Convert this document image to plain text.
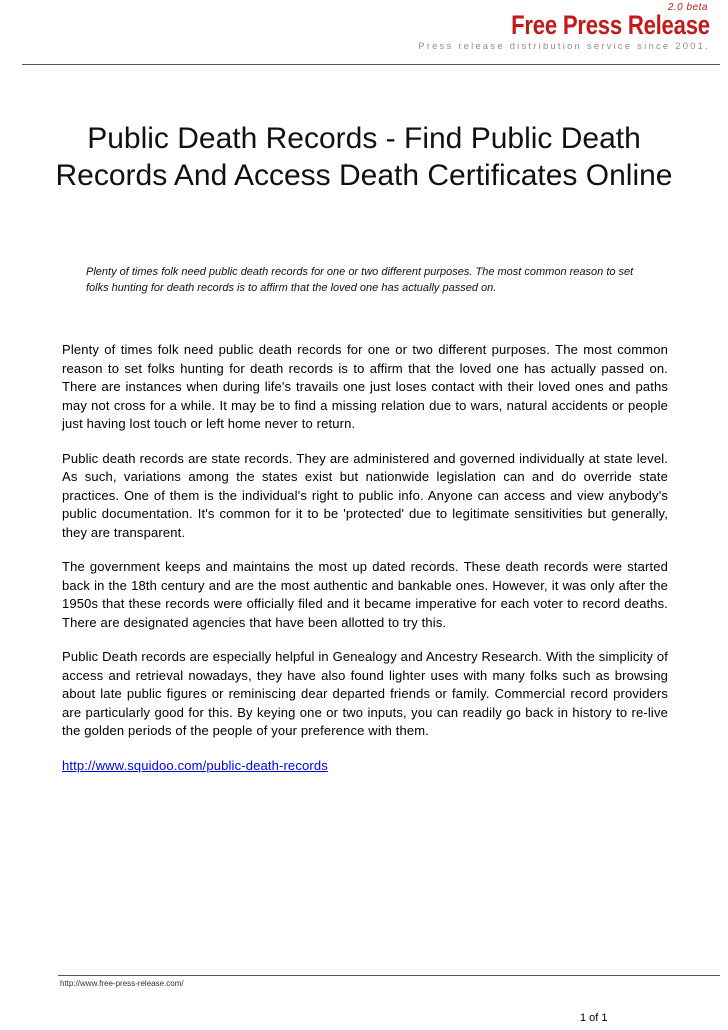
2.0 beta
Free Press Release
Press release distribution service since 2001.
Public Death Records - Find Public Death Records And Access Death Certificates Online

Plenty of times folk need public death records for one or two different purposes. The most common reason to set folks hunting for death records is to affirm that the loved one has actually passed on.

Plenty of times folk need public death records for one or two different purposes. The most common reason to set folks hunting for death records is to affirm that the loved one has actually passed on. There are instances when during life's travails one just loses contact with their loved ones and paths may not cross for a while. It may be to find a missing relation due to wars, natural accidents or people just having lost touch or left home never to return.

Public death records are state records. They are administered and governed individually at state level. As such, variations among the states exist but nationwide legislation can and do override state practices. One of them is the individual's right to public info. Anyone can access and view anybody's public documentation. It's common for it to be 'protected' due to legitimate sensitivities but generally, they are transparent.

The government keeps and maintains the most up dated records. These death records were started back in the 18th century and are the most authentic and bankable ones. However, it was only after the 1950s that these records were officially filed and it became imperative for each voter to record deaths. There are designated agencies that have been allotted to try this.

Public Death records are especially helpful in Genealogy and Ancestry Research. With the simplicity of access and retrieval nowadays, they have also found lighter uses with many folks such as browsing about late public figures or reminiscing dear departed friends or family. Commercial record providers are particularly good for this. By keying one or two inputs, you can readily go back in history to re-live the golden periods of the people of your preference with them.

http://www.squidoo.com/public-death-records

http://www.free-press-release.com/
1 of 1
